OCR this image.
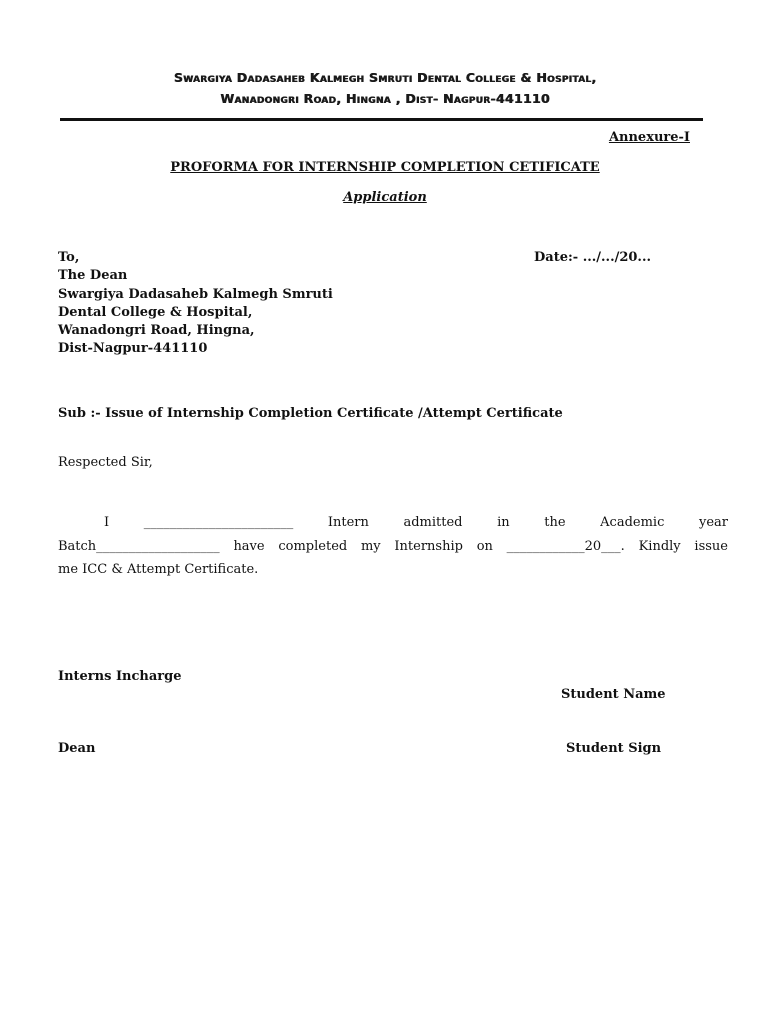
Swargiya Dadasaheb Kalmegh Smruti Dental College & Hospital,
Wanadongri Road, Hingna , Dist- Nagpur-441110
Annexure-I
PROFORMA FOR INTERNSHIP COMPLETION CETIFICATE
Application
To,	Date:- .../.../20...
The Dean
Swargiya Dadasaheb Kalmegh Smruti
Dental College & Hospital,
Wanadongri Road, Hingna,
Dist-Nagpur-441110
Sub :- Issue of Internship Completion Certificate /Attempt Certificate
Respected Sir,
I	_______________________	Intern	admitted	in	the	Academic	year
Batch___________________ have completed my Internship on ____________20___. Kindly issue
me ICC & Attempt Certificate.
Interns Incharge
Student Name
Dean	Student Sign
